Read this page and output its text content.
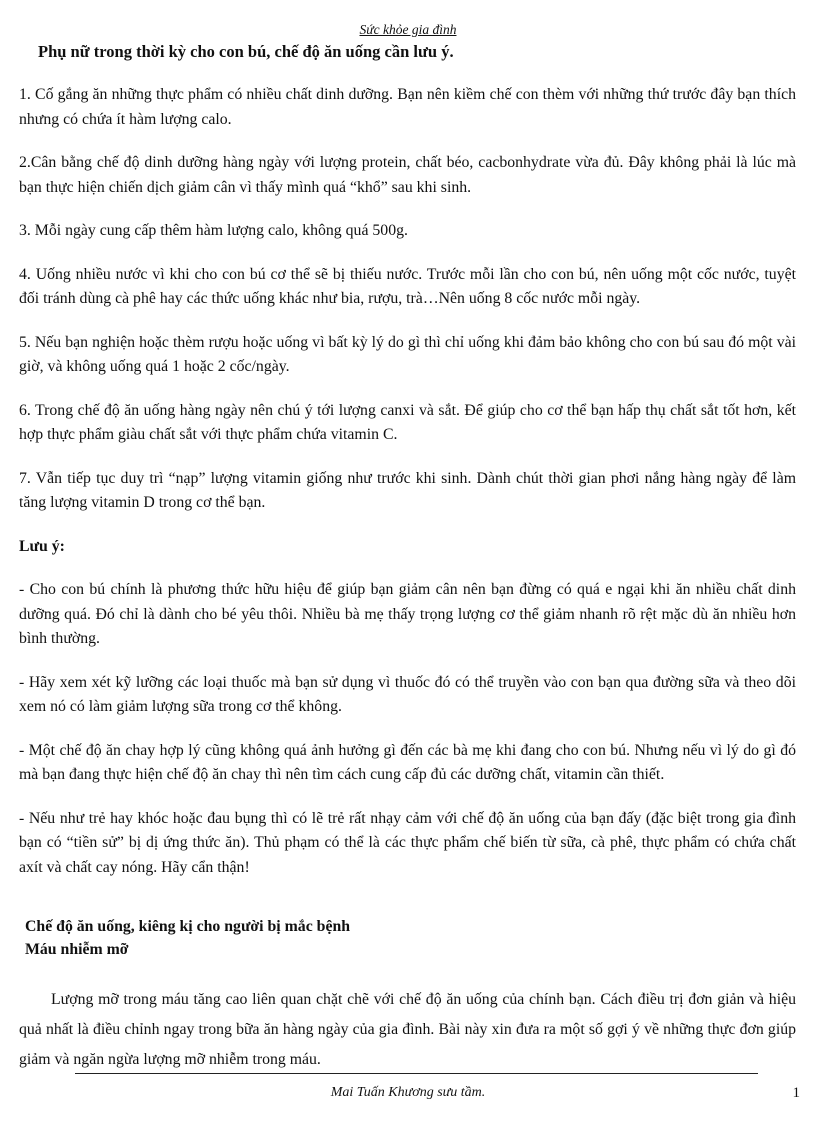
Sức khỏe gia đình
Phụ nữ trong thời kỳ cho con bú, chế độ ăn uống cần lưu ý.

1. Cố gắng ăn những thực phẩm có nhiều chất dinh dưỡng. Bạn nên kiềm chế con thèm với những thứ trước đây bạn thích nhưng có chứa ít hàm lượng calo.

2.Cân bằng chế độ dinh dưỡng hàng ngày với lượng protein, chất béo, cacbonhydrate vừa đủ. Đây không phải là lúc mà bạn thực hiện chiến dịch giảm cân vì thấy mình quá “khổ” sau khi sinh.

3. Mỗi ngày cung cấp thêm hàm lượng calo, không quá 500g.

4. Uống nhiều nước vì khi cho con bú cơ thể sẽ bị thiếu nước. Trước mỗi lần cho con bú, nên uống một cốc nước, tuyệt đối tránh dùng cà phê hay các thức uống khác như bia, rượu, trà…Nên uống 8 cốc nước mỗi ngày.

5. Nếu bạn nghiện hoặc thèm rượu hoặc uống vì bất kỳ lý do gì thì chỉ uống khi đảm bảo không cho con bú sau đó một vài giờ, và không uống quá 1 hoặc 2 cốc/ngày.

6. Trong chế độ ăn uống hàng ngày nên chú ý tới lượng canxi và sắt. Để giúp cho cơ thể bạn hấp thụ chất sắt tốt hơn, kết hợp thực phẩm giàu chất sắt với thực phẩm chứa vitamin C.

7. Vẫn tiếp tục duy trì “nạp” lượng vitamin giống như trước khi sinh. Dành chút thời gian phơi nắng hàng ngày để làm tăng lượng vitamin D trong cơ thể bạn.

Lưu ý:

- Cho con bú chính là phương thức hữu hiệu để giúp bạn giảm cân nên bạn đừng có quá e ngại khi ăn nhiều chất dinh dưỡng quá. Đó chỉ là dành cho bé yêu thôi. Nhiều bà mẹ thấy trọng lượng cơ thể giảm nhanh rõ rệt mặc dù ăn nhiều hơn bình thường.

- Hãy xem xét kỹ lưỡng các loại thuốc mà bạn sử dụng vì thuốc đó có thể truyền vào con bạn qua đường sữa và theo dõi xem nó có làm giảm lượng sữa trong cơ thể không.

- Một chế độ ăn chay hợp lý cũng không quá ảnh hưởng gì đến các bà mẹ khi đang cho con bú. Nhưng nếu vì lý do gì đó mà bạn đang thực hiện chế độ ăn chay thì nên tìm cách cung cấp đủ các dưỡng chất, vitamin cần thiết.

- Nếu như trẻ hay khóc hoặc đau bụng thì có lẽ trẻ rất nhạy cảm với chế độ ăn uống của bạn đấy (đặc biệt trong gia đình bạn có “tiền sử” bị dị ứng thức ăn). Thủ phạm có thể là các thực phẩm chế biến từ sữa, cà phê, thực phẩm có chứa chất axít và chất cay nóng. Hãy cẩn thận!

Chế độ ăn uống, kiêng kị cho người bị mắc bệnh
Máu nhiễm mỡ

Lượng mỡ trong máu tăng cao liên quan chặt chẽ với chế độ ăn uống của chính bạn. Cách điều trị đơn giản và hiệu quả nhất là điều chỉnh ngay trong bữa ăn hàng ngày của gia đình. Bài này xin đưa ra một số gợi ý về những thực đơn giúp giảm và ngăn ngừa lượng mỡ nhiễm trong máu.

Mai Tuấn Khương sưu tầm.	1
